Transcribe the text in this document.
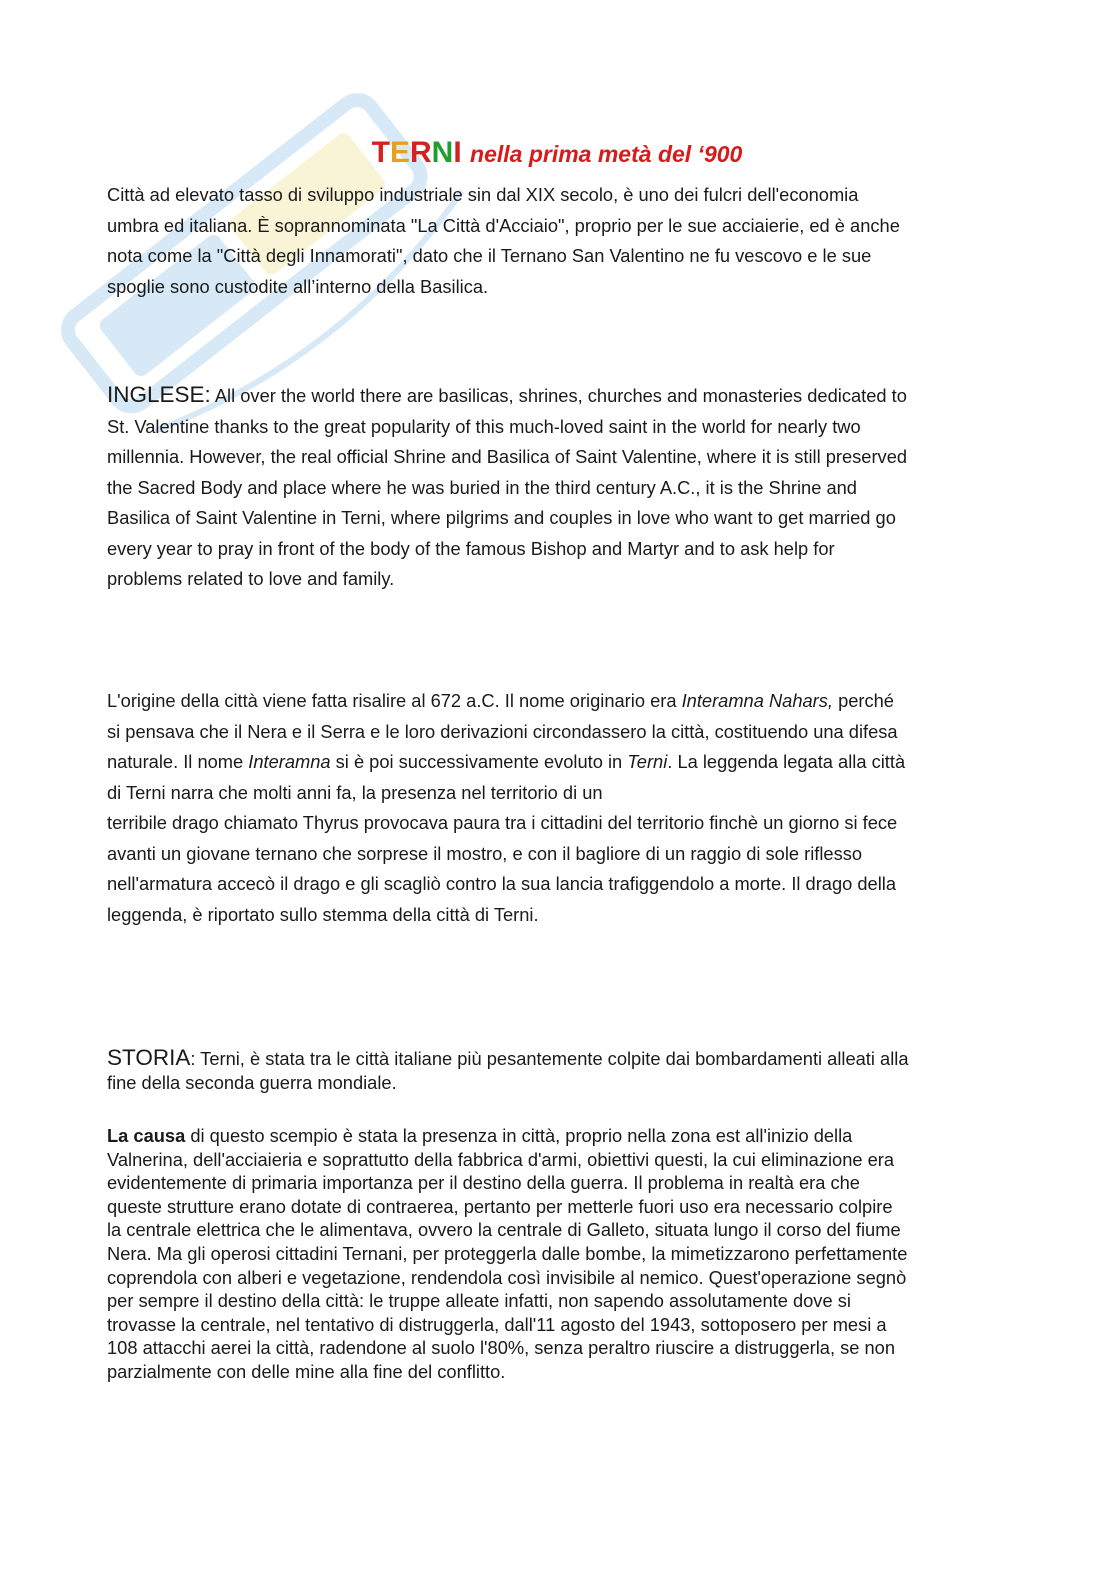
TERNI nella prima metà del ‘900
Città ad elevato tasso di sviluppo industriale sin dal XIX secolo, è uno dei fulcri dell'economia
umbra ed italiana. È soprannominata "La Città d'Acciaio", proprio per le sue acciaierie, ed è anche
nota come la "Città degli Innamorati", dato che il Ternano San Valentino ne fu vescovo e le sue
spoglie sono custodite all’interno della Basilica.
INGLESE: All over the world there are basilicas, shrines, churches and monasteries dedicated to
St. Valentine thanks to the great popularity of this much-loved saint in the world for nearly two
millennia. However, the real official Shrine and Basilica of Saint Valentine, where it is still preserved
the Sacred Body and place where he was buried in the third century A.C., it is the Shrine and
Basilica of Saint Valentine in Terni, where pilgrims and couples in love who want to get married go
every year to pray in front of the body of the famous Bishop and Martyr and to ask help for
problems related to love and family.
L'origine della città viene fatta risalire al 672 a.C. Il nome originario era Interamna Nahars, perché
si pensava che il Nera e il Serra e le loro derivazioni circondassero la città, costituendo una difesa
naturale. Il nome Interamna si è poi successivamente evoluto in Terni. La leggenda legata alla città
di Terni narra che molti anni fa, la presenza nel territorio di un
terribile drago chiamato Thyrus provocava paura tra i cittadini del territorio finchè un giorno si fece
avanti un giovane ternano che sorprese il mostro, e con il bagliore di un raggio di sole riflesso
nell'armatura accecò il drago e gli scagliò contro la sua lancia trafiggendolo a morte. Il drago della
leggenda, è riportato sullo stemma della città di Terni.
STORIA: Terni, è stata tra le città italiane più pesantemente colpite dai bombardamenti alleati alla
fine della seconda guerra mondiale.
La causa di questo scempio è stata la presenza in città, proprio nella zona est all'inizio della
Valnerina, dell'acciaieria e soprattutto della fabbrica d'armi, obiettivi questi, la cui eliminazione era
evidentemente di primaria importanza per il destino della guerra. Il problema in realtà era che
queste strutture erano dotate di contraerea, pertanto per metterle fuori uso era necessario colpire
la centrale elettrica che le alimentava, ovvero la centrale di Galleto, situata lungo il corso del fiume
Nera. Ma gli operosi cittadini Ternani, per proteggerla dalle bombe, la mimetizzarono perfettamente
coprendola con alberi e vegetazione, rendendola così invisibile al nemico. Quest'operazione segnò
per sempre il destino della città: le truppe alleate infatti, non sapendo assolutamente dove si
trovasse la centrale, nel tentativo di distruggerla, dall'11 agosto del 1943, sottoposero per mesi a
108 attacchi aerei la città, radendone al suolo l'80%, senza peraltro riuscire a distruggerla, se non
parzialmente con delle mine alla fine del conflitto.
